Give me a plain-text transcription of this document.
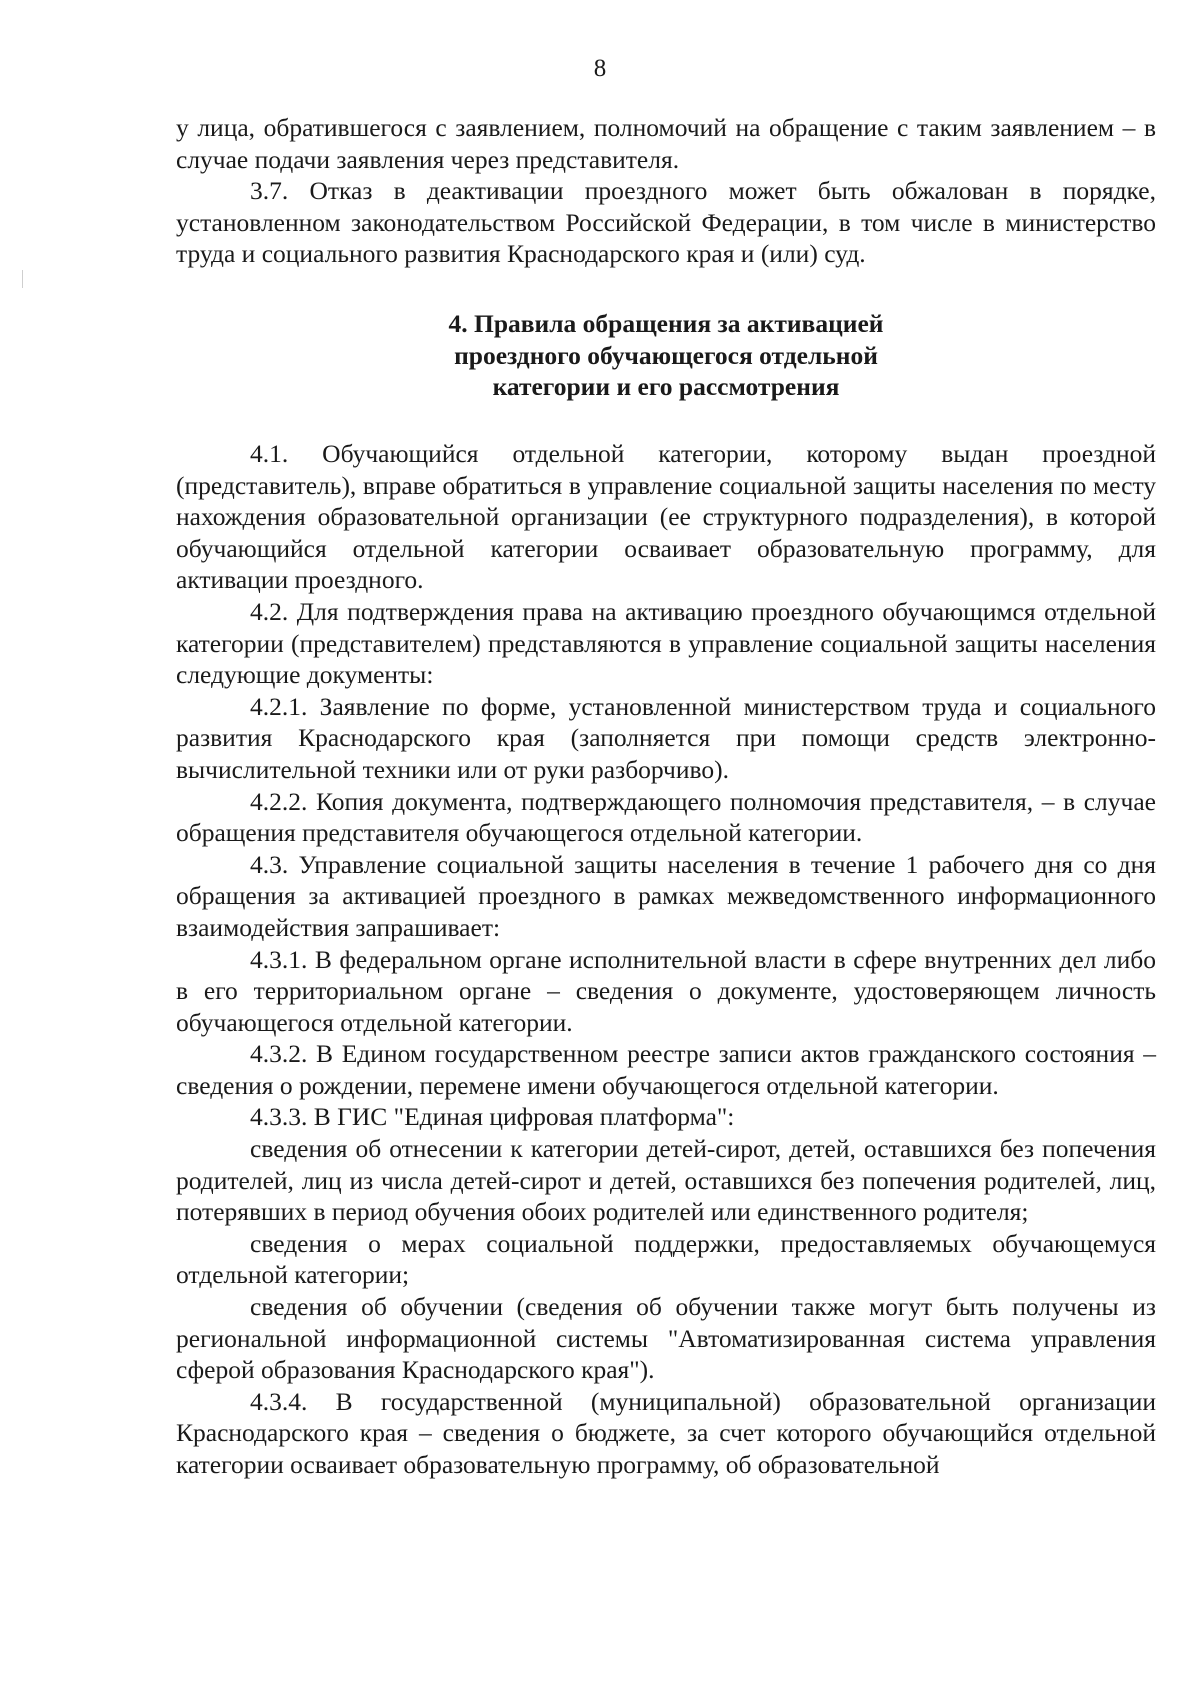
8

у лица, обратившегося с заявлением, полномочий на обращение с таким заявлением – в случае подачи заявления через представителя.

3.7. Отказ в деактивации проездного может быть обжалован в порядке, установленном законодательством Российской Федерации, в том числе в министерство труда и социального развития Краснодарского края и (или) суд.

4. Правила обращения за активацией
проездного обучающегося отдельной
категории и его рассмотрения

4.1. Обучающийся отдельной категории, которому выдан проездной (представитель), вправе обратиться в управление социальной защиты населения по месту нахождения образовательной организации (ее структурного подразделения), в которой обучающийся отдельной категории осваивает образовательную программу, для активации проездного.

4.2. Для подтверждения права на активацию проездного обучающимся отдельной категории (представителем) представляются в управление социальной защиты населения следующие документы:

4.2.1. Заявление по форме, установленной министерством труда и социального развития Краснодарского края (заполняется при помощи средств электронно-вычислительной техники или от руки разборчиво).

4.2.2. Копия документа, подтверждающего полномочия представителя, – в случае обращения представителя обучающегося отдельной категории.

4.3. Управление социальной защиты населения в течение 1 рабочего дня со дня обращения за активацией проездного в рамках межведомственного информационного взаимодействия запрашивает:

4.3.1. В федеральном органе исполнительной власти в сфере внутренних дел либо в его территориальном органе – сведения о документе, удостоверяющем личность обучающегося отдельной категории.

4.3.2. В Едином государственном реестре записи актов гражданского состояния – сведения о рождении, перемене имени обучающегося отдельной категории.

4.3.3. В ГИС "Единая цифровая платформа":

сведения об отнесении к категории детей-сирот, детей, оставшихся без попечения родителей, лиц из числа детей-сирот и детей, оставшихся без попечения родителей, лиц, потерявших в период обучения обоих родителей или единственного родителя;

сведения о мерах социальной поддержки, предоставляемых обучающемуся отдельной категории;

сведения об обучении (сведения об обучении также могут быть получены из региональной информационной системы "Автоматизированная система управления сферой образования Краснодарского края").

4.3.4. В государственной (муниципальной) образовательной организации Краснодарского края – сведения о бюджете, за счет которого обучающийся отдельной категории осваивает образовательную программу, об образовательной
